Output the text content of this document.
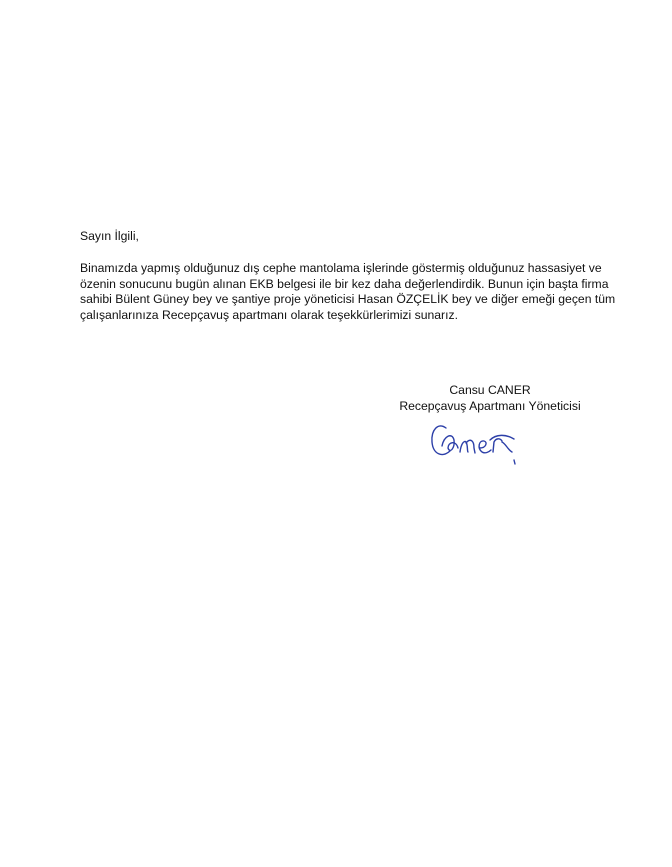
Sayın İlgili,
Binamızda yapmış olduğunuz dış cephe mantolama işlerinde göstermiş olduğunuz hassasiyet ve
özenin sonucunu bugün alınan EKB belgesi ile bir kez daha değerlendirdik. Bunun için başta firma
sahibi Bülent Güney bey ve şantiye proje yöneticisi Hasan ÖZÇELİK bey ve diğer emeği geçen tüm
çalışanlarınıza Recepçavuş apartmanı olarak teşekkürlerimizi sunarız.
Cansu CANER
Recepçavuş Apartmanı Yöneticisi
